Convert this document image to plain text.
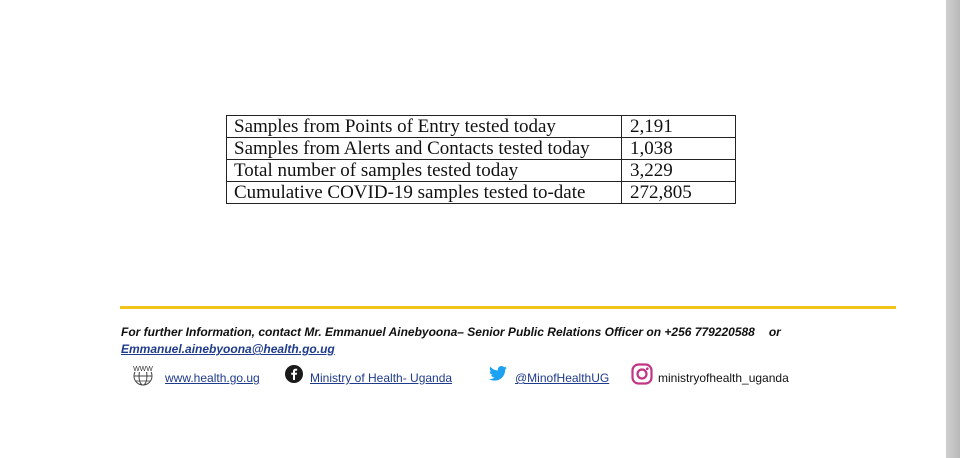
Samples from Points of Entry tested today	2,191
Samples from Alerts and Contacts tested today	1,038
Total number of samples tested today	3,229
Cumulative COVID-19 samples tested to-date	272,805
For further Information, contact Mr. Emmanuel Ainebyoona– Senior Public Relations Officer on +256 779220588 or
Emmanuel.ainebyoona@health.go.ug
WWW
www.health.go.ug	Ministry of Health- Uganda	@MinofHealthUG	ministryofhealth_uganda
